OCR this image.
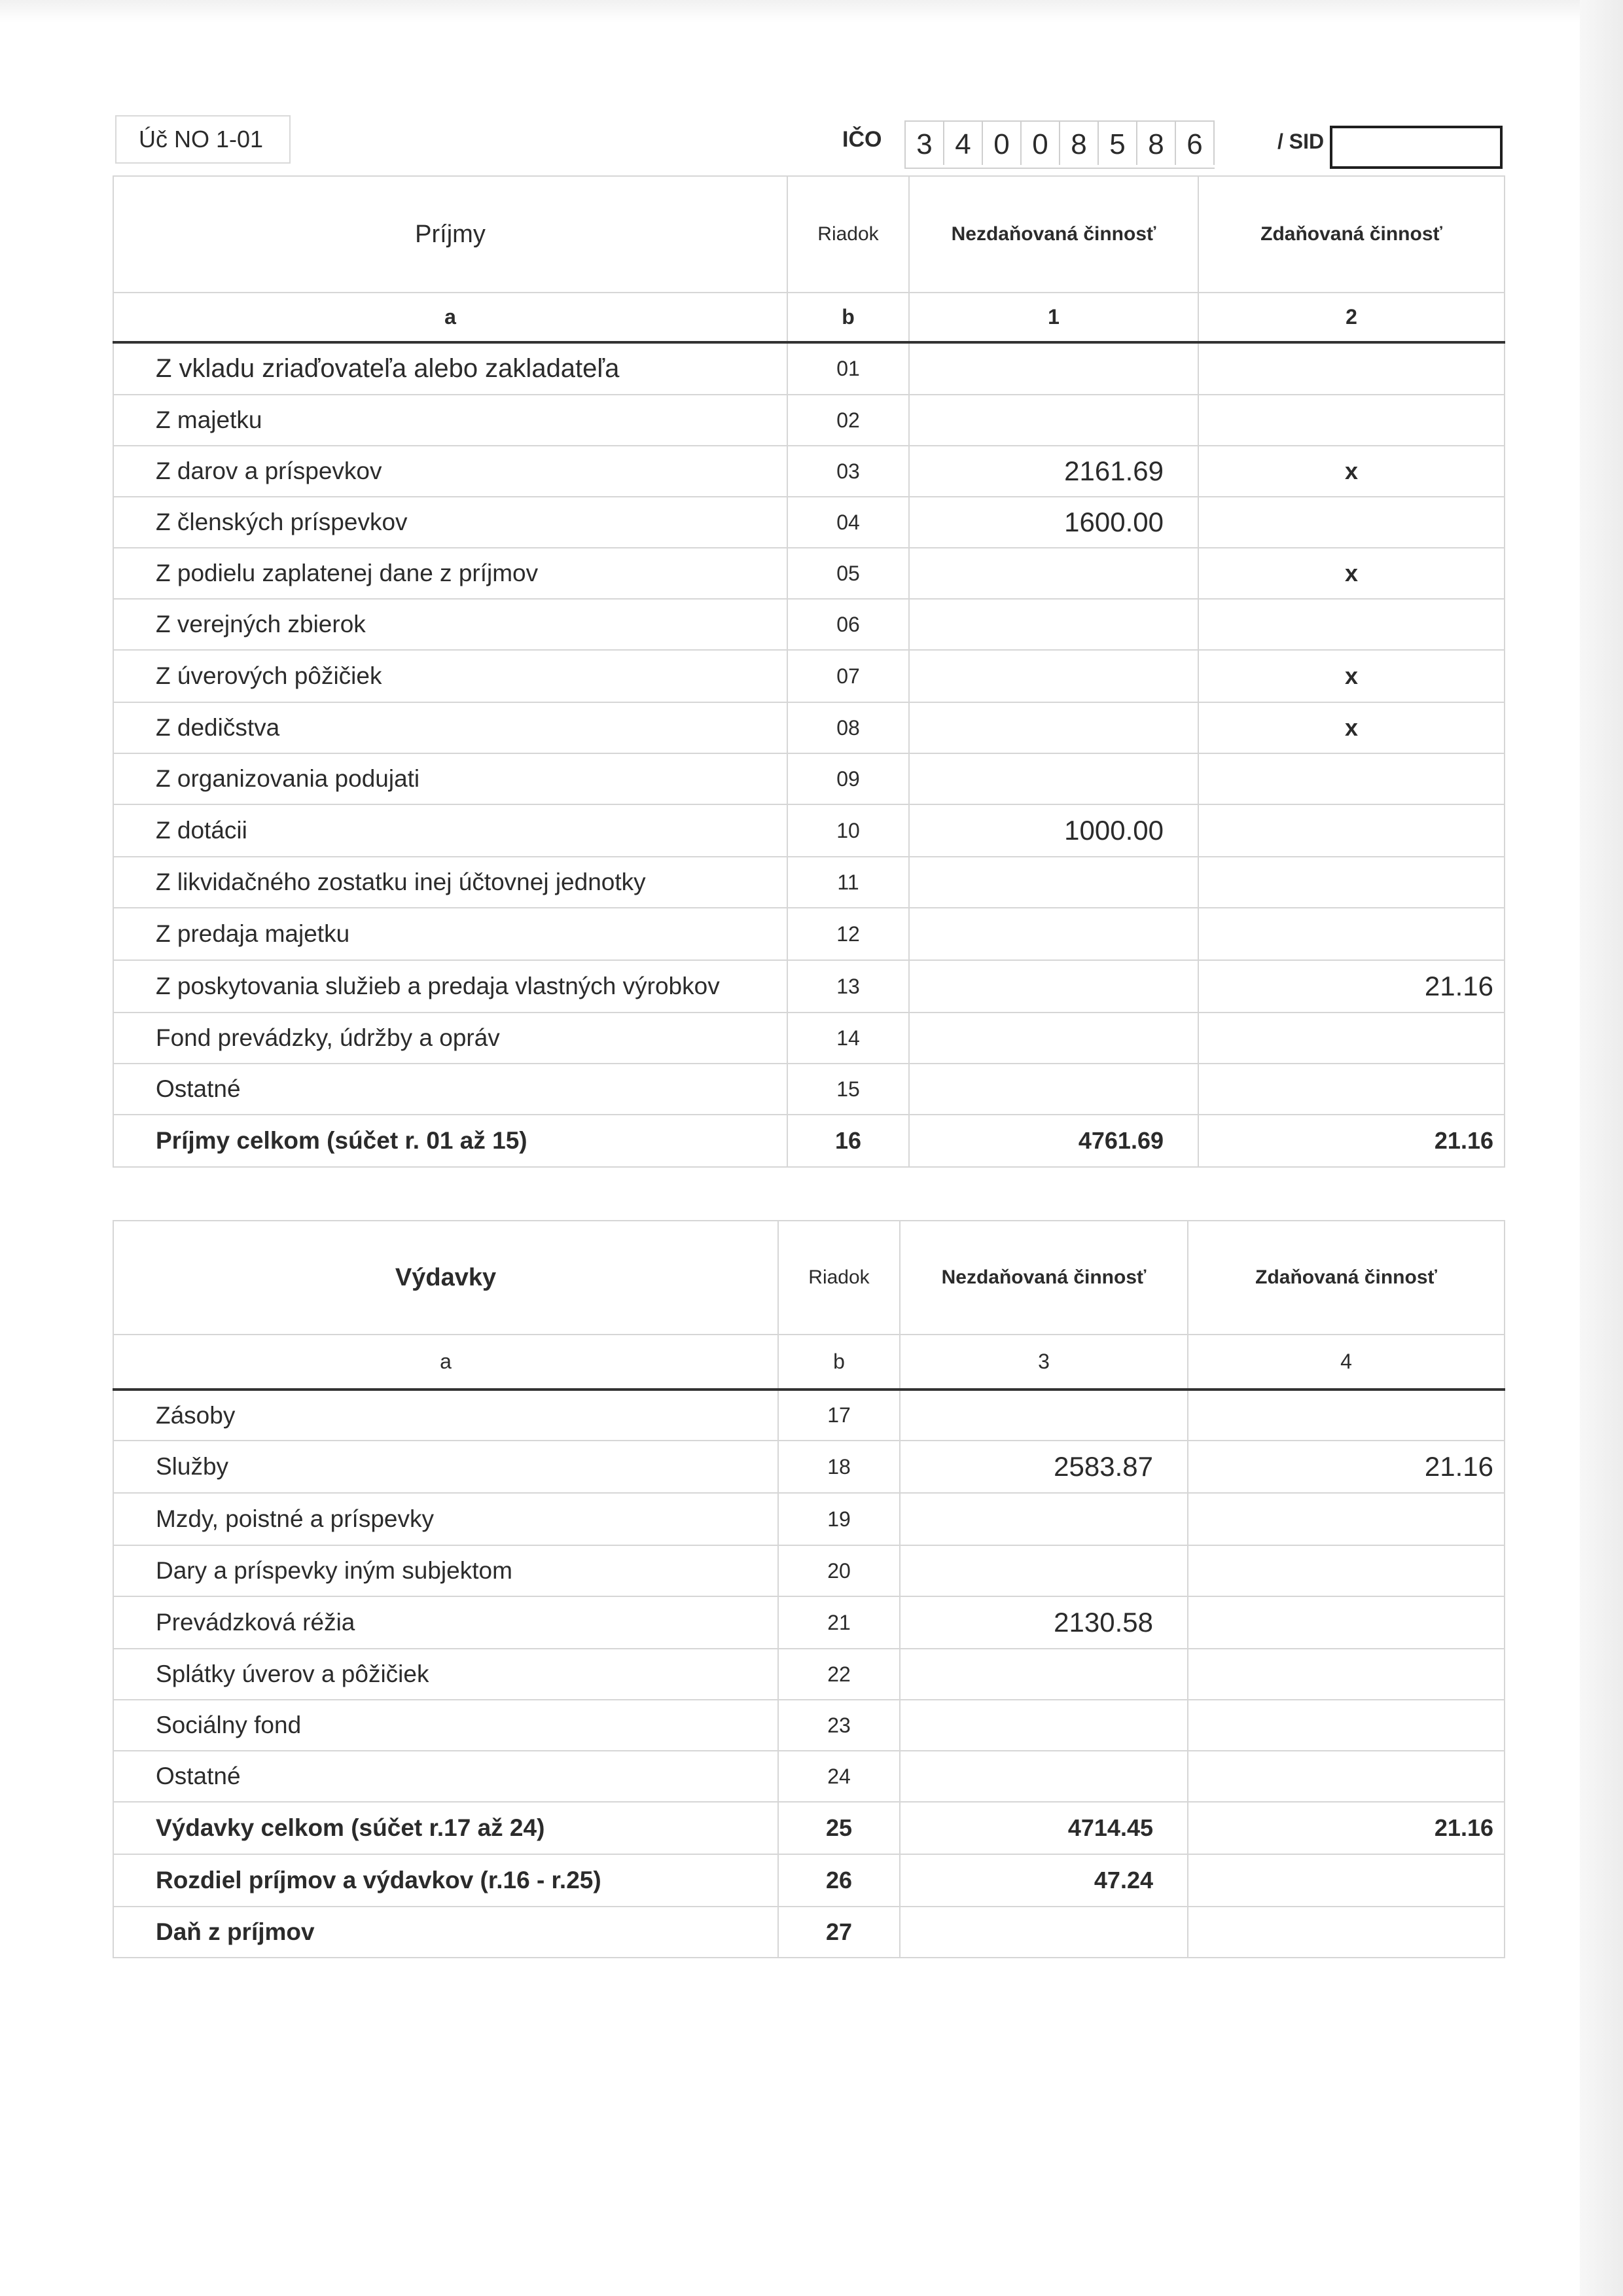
Úč NO 1-01	IČO	3 4 0 0 8 5 8 6	/ SID
Príjmy	Riadok	Nezdaňovaná činnosť	Zdaňovaná činnosť
a	b	1	2
Z vkladu zriaďovateľa alebo zakladateľa	01		
Z majetku	02		
Z darov a príspevkov	03	2161.69	x
Z členských príspevkov	04	1600.00	
Z podielu zaplatenej dane z príjmov	05		x
Z verejných zbierok	06		
Z úverových pôžičiek	07		x
Z dedičstva	08		x
Z organizovania podujati	09		
Z dotácii	10	1000.00	
Z likvidačného zostatku inej účtovnej jednotky	11		
Z predaja majetku	12		
Z poskytovania služieb a predaja vlastných výrobkov	13		21.16
Fond prevádzky, údržby a opráv	14		
Ostatné	15		
Príjmy celkom (súčet r. 01 až 15)	16	4761.69	21.16
Výdavky	Riadok	Nezdaňovaná činnosť	Zdaňovaná činnosť
a	b	3	4
Zásoby	17		
Služby	18	2583.87	21.16
Mzdy, poistné a príspevky	19		
Dary a príspevky iným subjektom	20		
Prevádzková réžia	21	2130.58	
Splátky úverov a pôžičiek	22		
Sociálny fond	23		
Ostatné	24		
Výdavky celkom (súčet r.17 až 24)	25	4714.45	21.16
Rozdiel príjmov a výdavkov (r.16 - r.25)	26	47.24	
Daň z príjmov	27		
